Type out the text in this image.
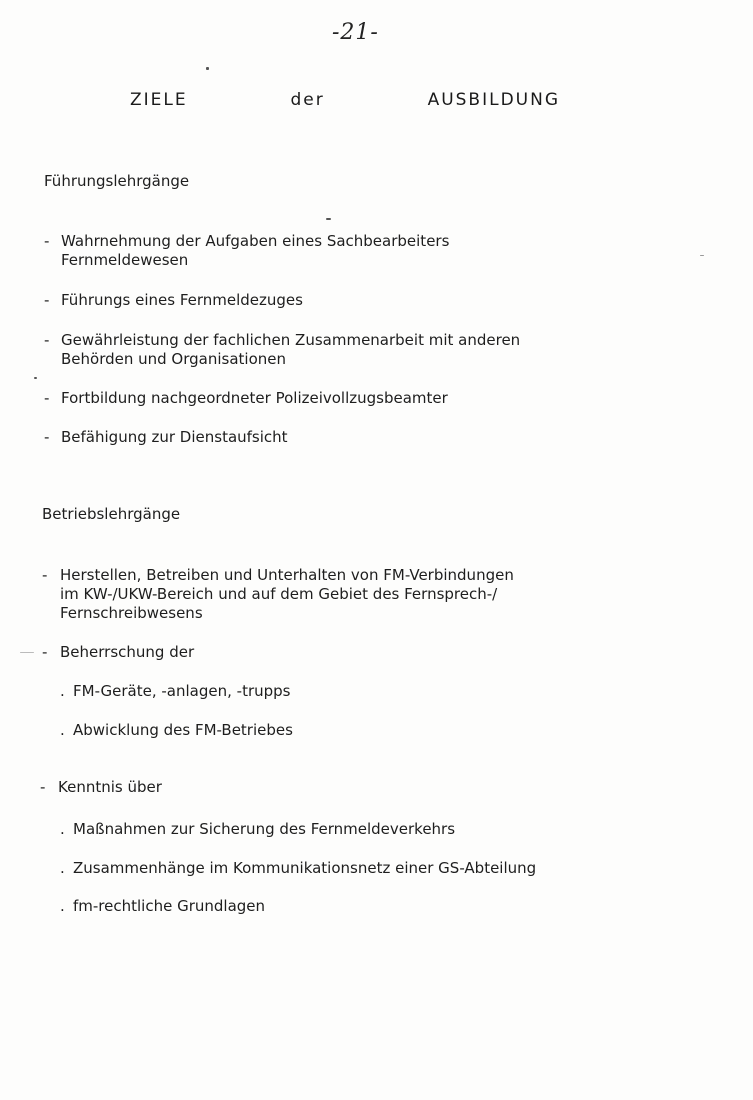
-21-
ZIELE	der	AUSBILDUNG
Führungslehrgänge
- Wahrnehmung der Aufgaben eines Sachbearbeiters
Fernmeldewesen
- Führungs eines Fernmeldezuges
- Gewährleistung der fachlichen Zusammenarbeit mit anderen
Behörden und Organisationen
- Fortbildung nachgeordneter Polizeivollzugsbeamter
- Befähigung zur Dienstaufsicht
Betriebslehrgänge
- Herstellen, Betreiben und Unterhalten von FM-Verbindungen
im KW-/UKW-Bereich und auf dem Gebiet des Fernsprech-/
Fernschreibwesens
- Beherrschung der
. FM-Geräte, -anlagen, -trupps
. Abwicklung des FM-Betriebes
- Kenntnis über
. Maßnahmen zur Sicherung des Fernmeldeverkehrs
. Zusammenhänge im Kommunikationsnetz einer GS-Abteilung
. fm-rechtliche Grundlagen
